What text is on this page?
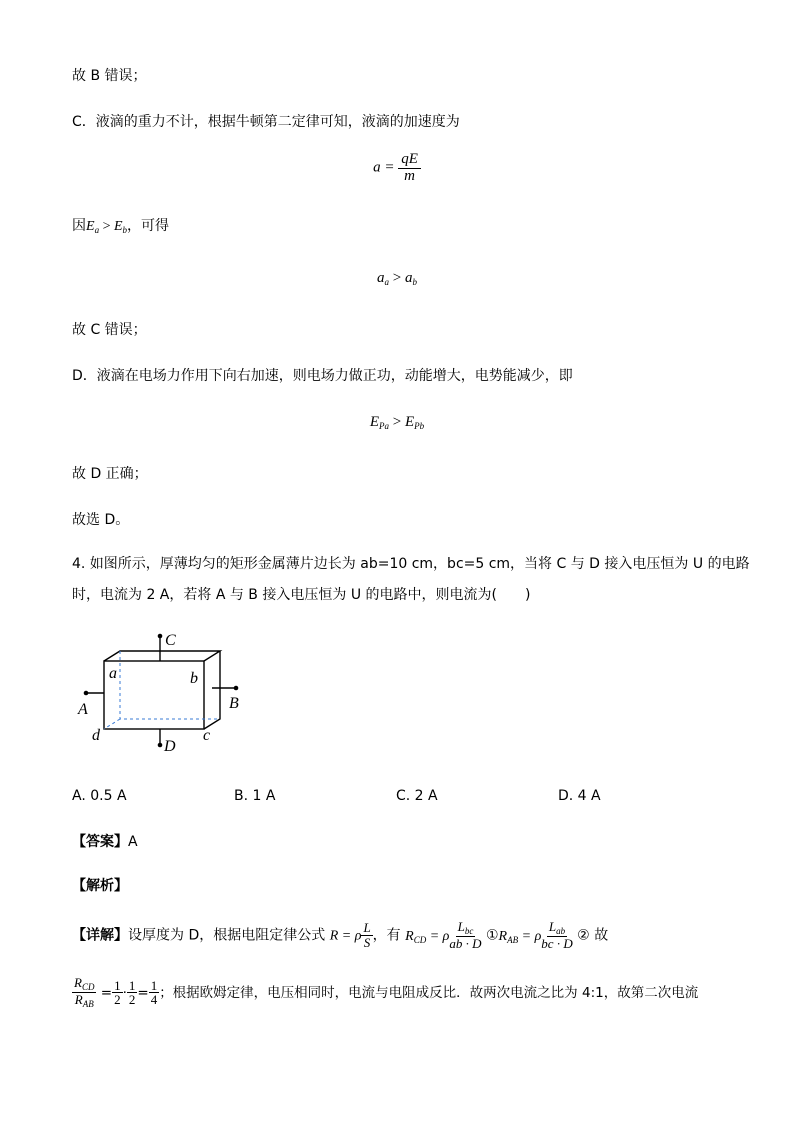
故 B 错误；
C．液滴的重力不计，根据牛顿第二定律可知，液滴的加速度为
$a = \frac{qE}{m}$
因$E_a > E_b$，可得
$a_a > a_b$
故 C 错误；
D．液滴在电场力作用下向右加速，则电场力做正功，动能增大，电势能减少，即
$E_{Pa} > E_{Pb}$
故 D 正确；
故选 D。
4. 如图所示，厚薄均匀的矩形金属薄片边长为 ab=10 cm，bc=5 cm，当将 C 与 D 接入电压恒为 U 的电路
时，电流为 2 A，若将 A 与 B 接入电压恒为 U 的电路中，则电流为(　　)
C
a	b
A	B
d
D
c
A. 0.5 A	B. 1 A	C. 2 A	D. 4 A
【答案】A
【解析】
【详解】设厚度为 D，根据电阻定律公式 R = ρ $\frac{L}{S}$ ，有 $R_{CD} = \rho$
$L_{bc}$
ab · D
$①R_{AB} = \rho$
$L_{ab}$
bc · D
② 故
$R_{CD}$
$R_{AB}$
= $\frac{1}{2} \cdot \frac{1}{2} = \frac{1}{4}$ ；根据欧姆定律，电压相同时，电流与电阻成反比．故两次电流之比为 4:1，故第二次电流
